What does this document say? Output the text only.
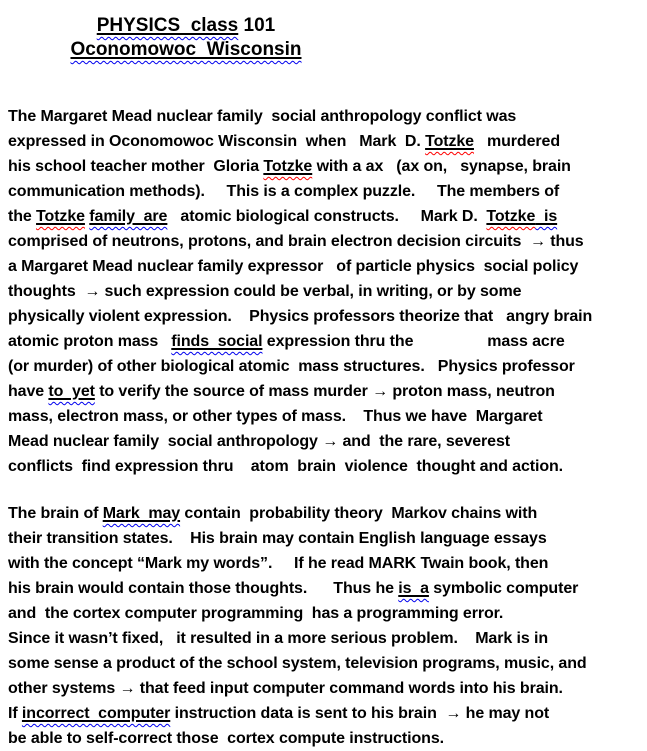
PHYSICS  class 101
Oconomowoc  Wisconsin
The Margaret Mead nuclear family  social anthropology conflict was
expressed in Oconomowoc Wisconsin  when   Mark  D. Totzke   murdered
his school teacher mother  Gloria Totzke with a ax   (ax on,   synapse, brain
communication methods).     This is a complex puzzle.     The members of
the Totzke family  are   atomic biological constructs.     Mark D.  Totzke  is
comprised of neutrons, protons, and brain electron decision circuits  → thus
a Margaret Mead nuclear family expressor   of particle physics  social policy
thoughts  → such expression could be verbal, in writing, or by some
physically violent expression.    Physics professors theorize that   angry brain
atomic proton mass   finds  social expression thru the                 mass acre
(or murder) of other biological atomic  mass structures.   Physics professor
have to  yet to verify the source of mass murder → proton mass, neutron
mass, electron mass, or other types of mass.    Thus we have  Margaret
Mead nuclear family  social anthropology → and  the rare, severest
conflicts  find expression thru    atom  brain  violence  thought and action.
The brain of Mark  may contain  probability theory  Markov chains with
their transition states.    His brain may contain English language essays
with the concept “Mark my words”.     If he read MARK Twain book, then
his brain would contain those thoughts.      Thus he is  a symbolic computer
and  the cortex computer programming  has a programming error.
Since it wasn’t fixed,   it resulted in a more serious problem.    Mark is in
some sense a product of the school system, television programs, music, and
other systems → that feed input computer command words into his brain.
If incorrect  computer instruction data is sent to his brain  → he may not
be able to self-correct those  cortex compute instructions.
